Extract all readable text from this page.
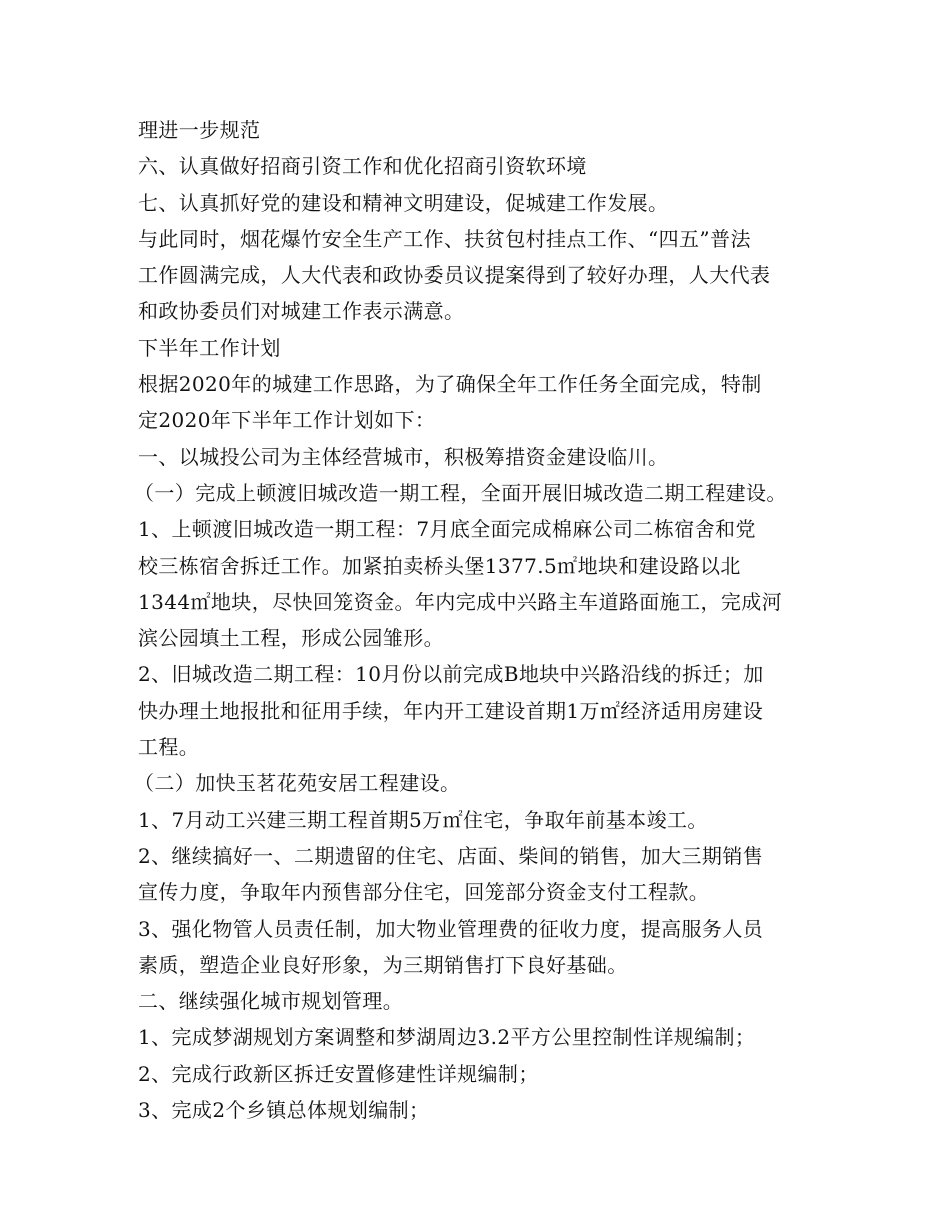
理进一步规范
六、认真做好招商引资工作和优化招商引资软环境
七、认真抓好党的建设和精神文明建设，促城建工作发展。
与此同时，烟花爆竹安全生产工作、扶贫包村挂点工作、“四五”普法
工作圆满完成，人大代表和政协委员议提案得到了较好办理，人大代表
和政协委员们对城建工作表示满意。
下半年工作计划
根据2020年的城建工作思路，为了确保全年工作任务全面完成，特制
定2020年下半年工作计划如下：
一、以城投公司为主体经营城市，积极筹措资金建设临川。
（一）完成上顿渡旧城改造一期工程，全面开展旧城改造二期工程建设。
1、上顿渡旧城改造一期工程：7月底全面完成棉麻公司二栋宿舍和党
校三栋宿舍拆迁工作。加紧拍卖桥头堡1377.5㎡地块和建设路以北
1344㎡地块，尽快回笼资金。年内完成中兴路主车道路面施工，完成河
滨公园填土工程，形成公园雏形。
2、旧城改造二期工程：10月份以前完成B地块中兴路沿线的拆迁；加
快办理土地报批和征用手续，年内开工建设首期1万㎡经济适用房建设
工程。
（二）加快玉茗花苑安居工程建设。
1、7月动工兴建三期工程首期5万㎡住宅，争取年前基本竣工。
2、继续搞好一、二期遗留的住宅、店面、柴间的销售，加大三期销售
宣传力度，争取年内预售部分住宅，回笼部分资金支付工程款。
3、强化物管人员责任制，加大物业管理费的征收力度，提高服务人员
素质，塑造企业良好形象，为三期销售打下良好基础。
二、继续强化城市规划管理。
1、完成梦湖规划方案调整和梦湖周边3.2平方公里控制性详规编制；
2、完成行政新区拆迁安置修建性详规编制；
3、完成2个乡镇总体规划编制；
